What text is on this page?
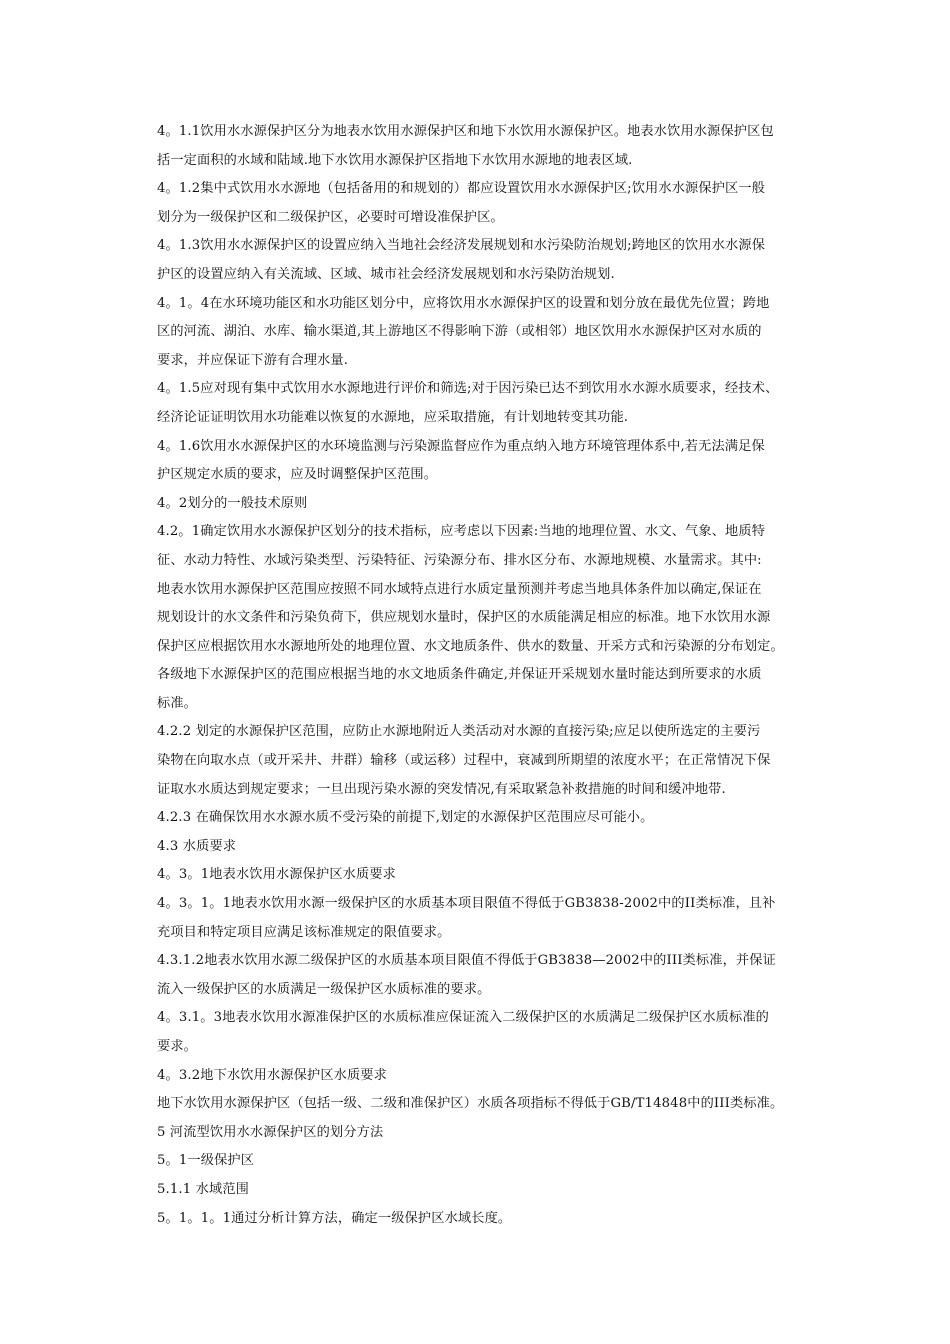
4。1.1饮用水水源保护区分为地表水饮用水源保护区和地下水饮用水源保护区。地表水饮用水源保护区包
括一定面积的水域和陆域.地下水饮用水源保护区指地下水饮用水源地的地表区域.
4。1.2集中式饮用水水源地（包括备用的和规划的）都应设置饮用水水源保护区;饮用水水源保护区一般
划分为一级保护区和二级保护区，必要时可增设准保护区。
4。1.3饮用水水源保护区的设置应纳入当地社会经济发展规划和水污染防治规划;跨地区的饮用水水源保
护区的设置应纳入有关流域、区域、城市社会经济发展规划和水污染防治规划.
4。1。4在水环境功能区和水功能区划分中，应将饮用水水源保护区的设置和划分放在最优先位置；跨地
区的河流、湖泊、水库、输水渠道,其上游地区不得影响下游（或相邻）地区饮用水水源保护区对水质的
要求，并应保证下游有合理水量.
4。1.5应对现有集中式饮用水水源地进行评价和筛选;对于因污染已达不到饮用水水源水质要求，经技术、
经济论证证明饮用水功能难以恢复的水源地，应采取措施，有计划地转变其功能.
4。1.6饮用水水源保护区的水环境监测与污染源监督应作为重点纳入地方环境管理体系中,若无法满足保
护区规定水质的要求，应及时调整保护区范围。
4。2划分的一般技术原则
4.2。1确定饮用水水源保护区划分的技术指标，应考虑以下因素:当地的地理位置、水文、气象、地质特
征、水动力特性、水域污染类型、污染特征、污染源分布、排水区分布、水源地规模、水量需求。其中:
地表水饮用水源保护区范围应按照不同水域特点进行水质定量预测并考虑当地具体条件加以确定,保证在
规划设计的水文条件和污染负荷下，供应规划水量时，保护区的水质能满足相应的标准。地下水饮用水源
保护区应根据饮用水水源地所处的地理位置、水文地质条件、供水的数量、开采方式和污染源的分布划定。
各级地下水源保护区的范围应根据当地的水文地质条件确定,并保证开采规划水量时能达到所要求的水质
标准。
4.2.2 划定的水源保护区范围，应防止水源地附近人类活动对水源的直接污染;应足以使所选定的主要污
染物在向取水点（或开采井、井群）输移（或运移）过程中，衰减到所期望的浓度水平；在正常情况下保
证取水水质达到规定要求；一旦出现污染水源的突发情况,有采取紧急补救措施的时间和缓冲地带.
4.2.3 在确保饮用水水源水质不受污染的前提下,划定的水源保护区范围应尽可能小。
4.3 水质要求
4。3。1地表水饮用水源保护区水质要求
4。3。1。1地表水饮用水源一级保护区的水质基本项目限值不得低于GB3838-2002中的II类标准，且补
充项目和特定项目应满足该标准规定的限值要求。
4.3.1.2地表水饮用水源二级保护区的水质基本项目限值不得低于GB3838—2002中的III类标准，并保证
流入一级保护区的水质满足一级保护区水质标准的要求。
4。3.1。3地表水饮用水源准保护区的水质标准应保证流入二级保护区的水质满足二级保护区水质标准的
要求。
4。3.2地下水饮用水源保护区水质要求
地下水饮用水源保护区（包括一级、二级和准保护区）水质各项指标不得低于GB/T14848中的III类标准。
5 河流型饮用水水源保护区的划分方法
5。1一级保护区
5.1.1 水域范围
5。1。1。1通过分析计算方法，确定一级保护区水域长度。
